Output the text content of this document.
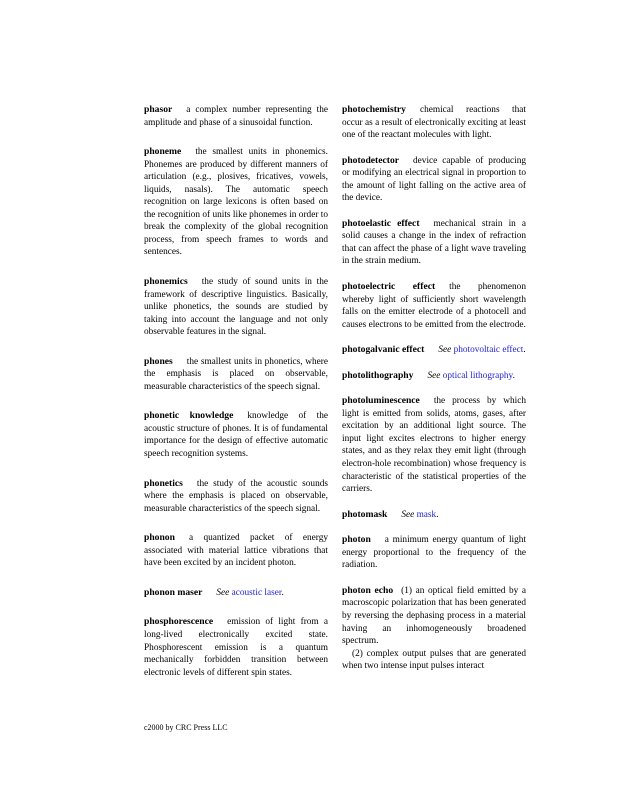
phasor a complex number representing the amplitude and phase of a sinusoidal function.
phoneme the smallest units in phonemics. Phonemes are produced by different manners of articulation (e.g., plosives, fricatives, vowels, liquids, nasals). The automatic speech recognition on large lexicons is often based on the recognition of units like phonemes in order to break the complexity of the global recognition process, from speech frames to words and sentences.
phonemics the study of sound units in the framework of descriptive linguistics. Basically, unlike phonetics, the sounds are studied by taking into account the language and not only observable features in the signal.
phones the smallest units in phonetics, where the emphasis is placed on observable, measurable characteristics of the speech signal.
phonetic knowledge knowledge of the acoustic structure of phones. It is of fundamental importance for the design of effective automatic speech recognition systems.
phonetics the study of the acoustic sounds where the emphasis is placed on observable, measurable characteristics of the speech signal.
phonon a quantized packet of energy associated with material lattice vibrations that have been excited by an incident photon.
phonon maser See acoustic laser.
phosphorescence emission of light from a long-lived electronically excited state. Phosphorescent emission is a quantum mechanically forbidden transition between electronic levels of different spin states.
photochemistry chemical reactions that occur as a result of electronically exciting at least one of the reactant molecules with light.
photodetector device capable of producing or modifying an electrical signal in proportion to the amount of light falling on the active area of the device.
photoelastic effect mechanical strain in a solid causes a change in the index of refraction that can affect the phase of a light wave traveling in the strain medium.
photoelectric effect the phenomenon whereby light of sufficiently short wavelength falls on the emitter electrode of a photocell and causes electrons to be emitted from the electrode.
photogalvanic effect See photovoltaic effect.
photolithography See optical lithography.
photoluminescence the process by which light is emitted from solids, atoms, gases, after excitation by an additional light source. The input light excites electrons to higher energy states, and as they relax they emit light (through electron-hole recombination) whose frequency is characteristic of the statistical properties of the carriers.
photomask See mask.
photon a minimum energy quantum of light energy proportional to the frequency of the radiation.

photon echo (1) an optical field emitted by a macroscopic polarization that has been generated by reversing the dephasing process in a material having an inhomogeneously broadened spectrum.

(2) complex output pulses that are generated when two intense input pulses interact

c2000 by CRC Press LLC
